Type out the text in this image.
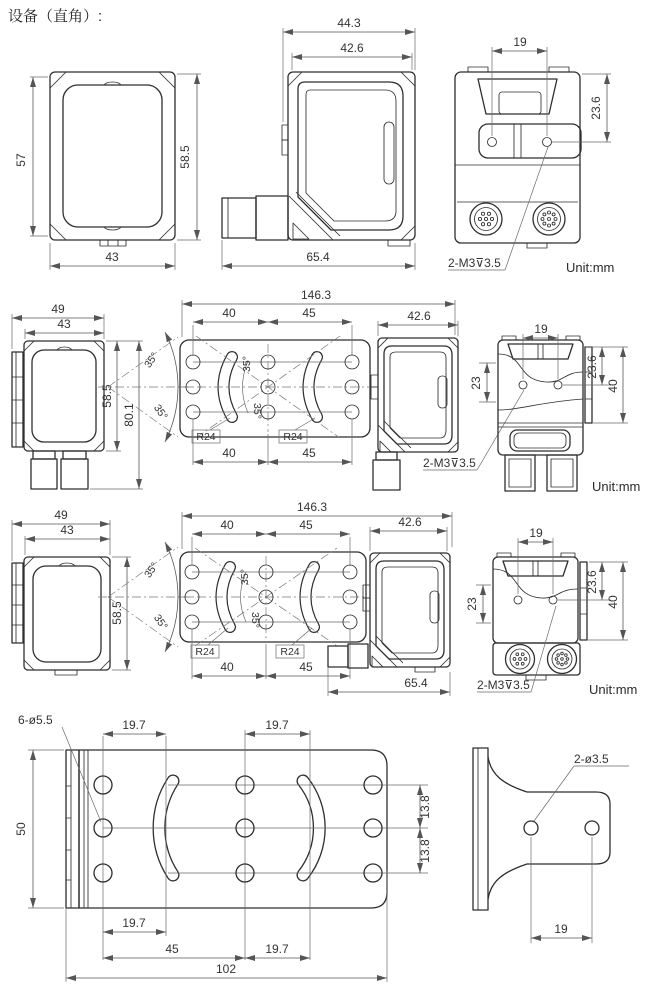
设备（直角）:
57	58.5
43
44.3
42.6
65.4
19
23.6
2-M3⊽3.5	Unit:mm
49
43
58.5
80.1
35°
35°
35°
35°
R24	R24
146.3
40	45
40	45
42.6
2-M3⊽3.5
19
23
23.6
40
Unit:mm
49
43
58.5
35°
35°
35°
35°
R24	R24
146.3
40	45
40	45
42.6
65.4
19
23
23.6
40
2-M3⊽3.5	Unit:mm
6-ø5.5	19.7	19.7
50
13.8
13.8
19.7
45	19.7
102
2-ø3.5
19
